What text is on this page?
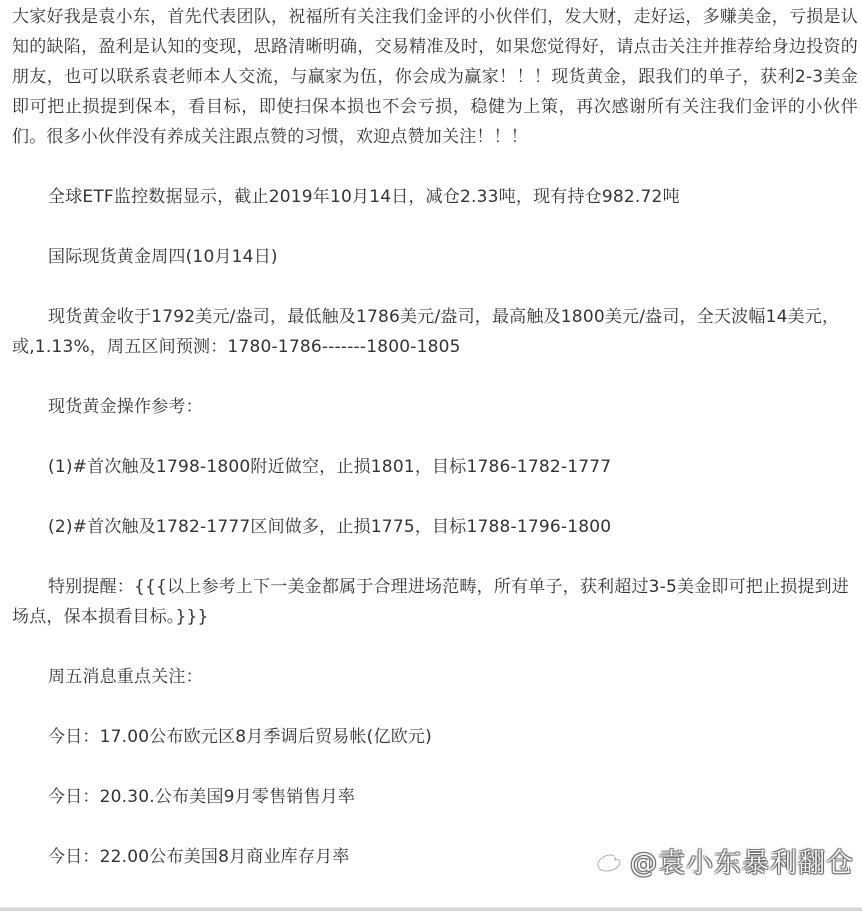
大家好我是袁小东，首先代表团队，祝福所有关注我们金评的小伙伴们，发大财，走好运，多赚美金，亏损是认知的缺陷，盈利是认知的变现，思路清晰明确，交易精准及时，如果您觉得好，请点击关注并推荐给身边投资的朋友，也可以联系袁老师本人交流，与赢家为伍，你会成为赢家！！！现货黄金，跟我们的单子，获利2-3美金即可把止损提到保本，看目标，即使扫保本损也不会亏损，稳健为上策，再次感谢所有关注我们金评的小伙伴们。很多小伙伴没有养成关注跟点赞的习惯，欢迎点赞加关注！！！

全球ETF监控数据显示，截止2019年10月14日，减仓2.33吨，现有持仓982.72吨

国际现货黄金周四(10月14日)

现货黄金收于1792美元/盎司，最低触及1786美元/盎司，最高触及1800美元/盎司，全天波幅14美元，或,1.13%，周五区间预测：1780-1786-------1800-1805

现货黄金操作参考：

(1)#首次触及1798-1800附近做空，止损1801，目标1786-1782-1777

(2)#首次触及1782-1777区间做多，止损1775，目标1788-1796-1800

特别提醒：{{{以上参考上下一美金都属于合理进场范畴，所有单子，获利超过3-5美金即可把止损提到进场点，保本损看目标。}}}

周五消息重点关注：

今日：17.00公布欧元区8月季调后贸易帐(亿欧元)

今日：20.30.公布美国9月零售销售月率

今日：22.00公布美国8月商业库存月率	@袁小东暴利翻仓
